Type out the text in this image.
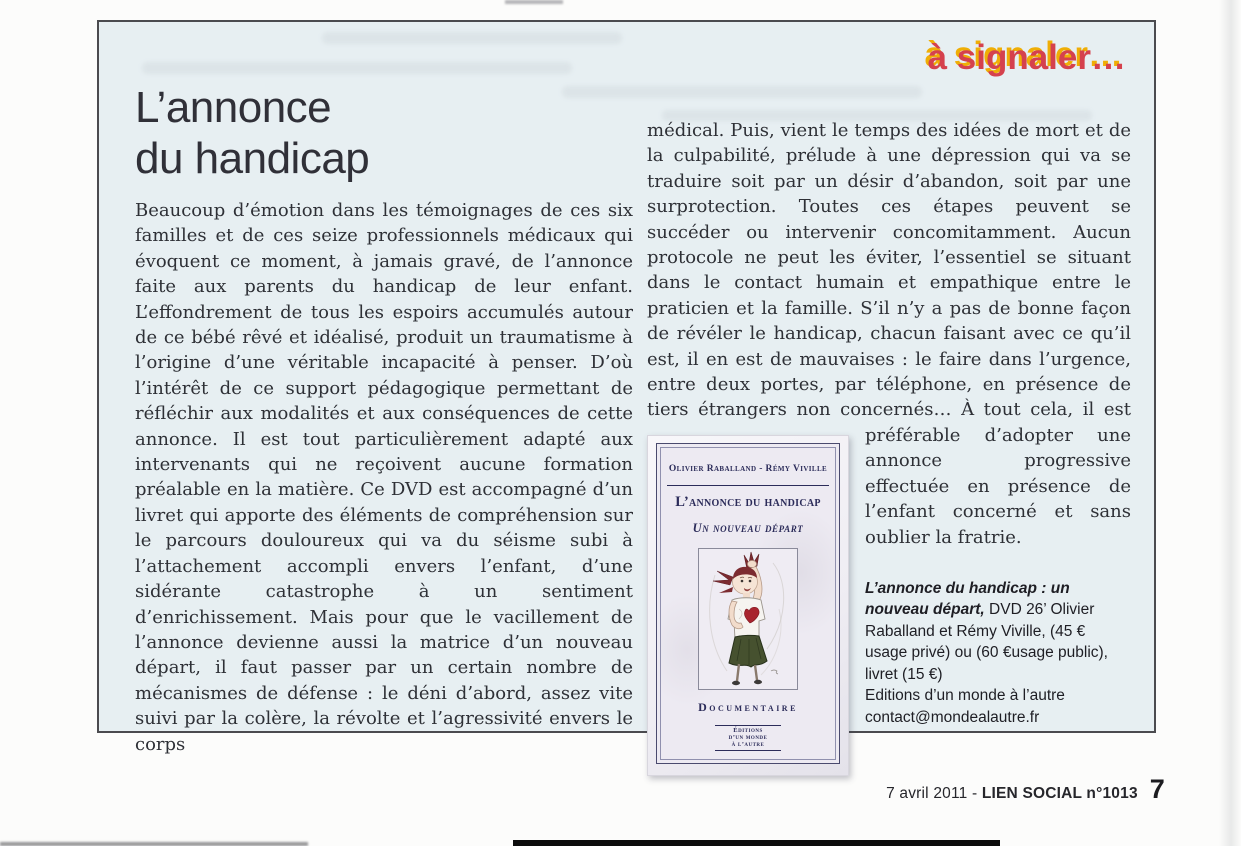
à signaler…
L’annonce
du handicap
Beaucoup d’émotion dans les témoignages de ces six familles et de ces seize professionnels médicaux qui évoquent ce moment, à jamais gravé, de l’annonce faite aux parents du handicap de leur enfant. L’effondrement de tous les espoirs accumulés autour de ce bébé rêvé et idéalisé, produit un traumatisme à l’origine d’une véritable incapacité à penser. D’où l’intérêt de ce support pédagogique permettant de réfléchir aux modalités et aux conséquences de cette annonce. Il est tout particulièrement adapté aux intervenants qui ne reçoivent aucune formation préalable en la matière. Ce DVD est accompagné d’un livret qui apporte des éléments de compréhension sur le parcours douloureux qui va du séisme subi à l’attachement accompli envers l’enfant, d’une sidérante catastrophe à un sentiment d’enrichissement. Mais pour que le vacillement de l’annonce devienne aussi la matrice d’un nouveau départ, il faut passer par un certain nombre de mécanismes de défense : le déni d’abord, assez vite suivi par la colère, la révolte et l’agressivité envers le corps
médical. Puis, vient le temps des idées de mort et de la culpabilité, prélude à une dépression qui va se traduire soit par un désir d’abandon, soit par une surprotection. Toutes ces étapes peuvent se succéder ou intervenir concomitamment. Aucun protocole ne peut les éviter, l’essentiel se situant dans le contact humain et empathique entre le praticien et la famille. S’il n’y a pas de bonne façon de révéler le handicap, chacun faisant avec ce qu’il est, il en est de mauvaises : le faire dans l’urgence, entre deux portes, par téléphone, en présence de tiers étrangers non concernés… À tout
Olivier Raballand - Rémy Viville
L’annonce du handicap
Un nouveau départ
Documentaire
Éditions
d’un monde
à l’autre
cela, il est préférable d’adopter une annonce progressive effectuée en présence de l’enfant concerné et sans oublier la fratrie.
L’annonce du handicap : un nouveau départ, DVD 26’ Olivier Raballand et Rémy Viville, (45 € usage privé) ou (60 €usage public), livret (15 €)
Editions d’un monde à l’autre
contact@mondealautre.fr
7 avril 2011 - LIEN SOCIAL n°1013 7
